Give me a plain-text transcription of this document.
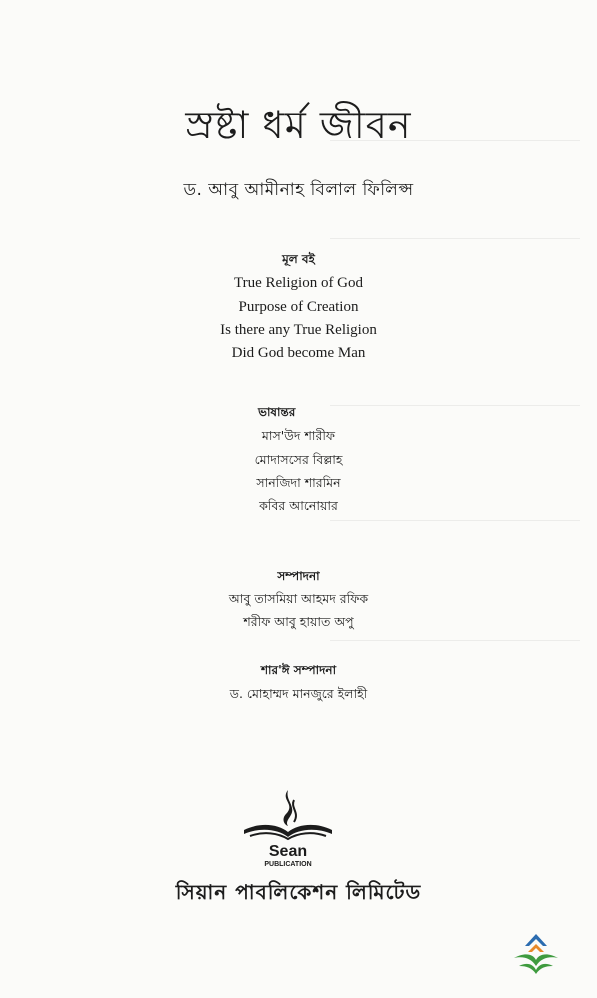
স্রষ্টা ধর্ম জীবন
ড. আবু আমীনাহ বিলাল ফিলিপ্স
মূল বই
True Religion of God
Purpose of Creation
Is there any True Religion
Did God become Man
ভাষান্তর
মাস'উদ শারীফ
মোদাসসের বিল্লাহ
সানজিদা শারমিন
কবির আনোয়ার
সম্পাদনা
আবু তাসমিয়া আহমদ রফিক
শরীফ আবু হায়াত অপু
শার'ঈ সম্পাদনা
ড. মোহাম্মদ মানজুরে ইলাহী
Sean
PUBLICATION
সিয়ান পাবলিকেশন লিমিটেড
